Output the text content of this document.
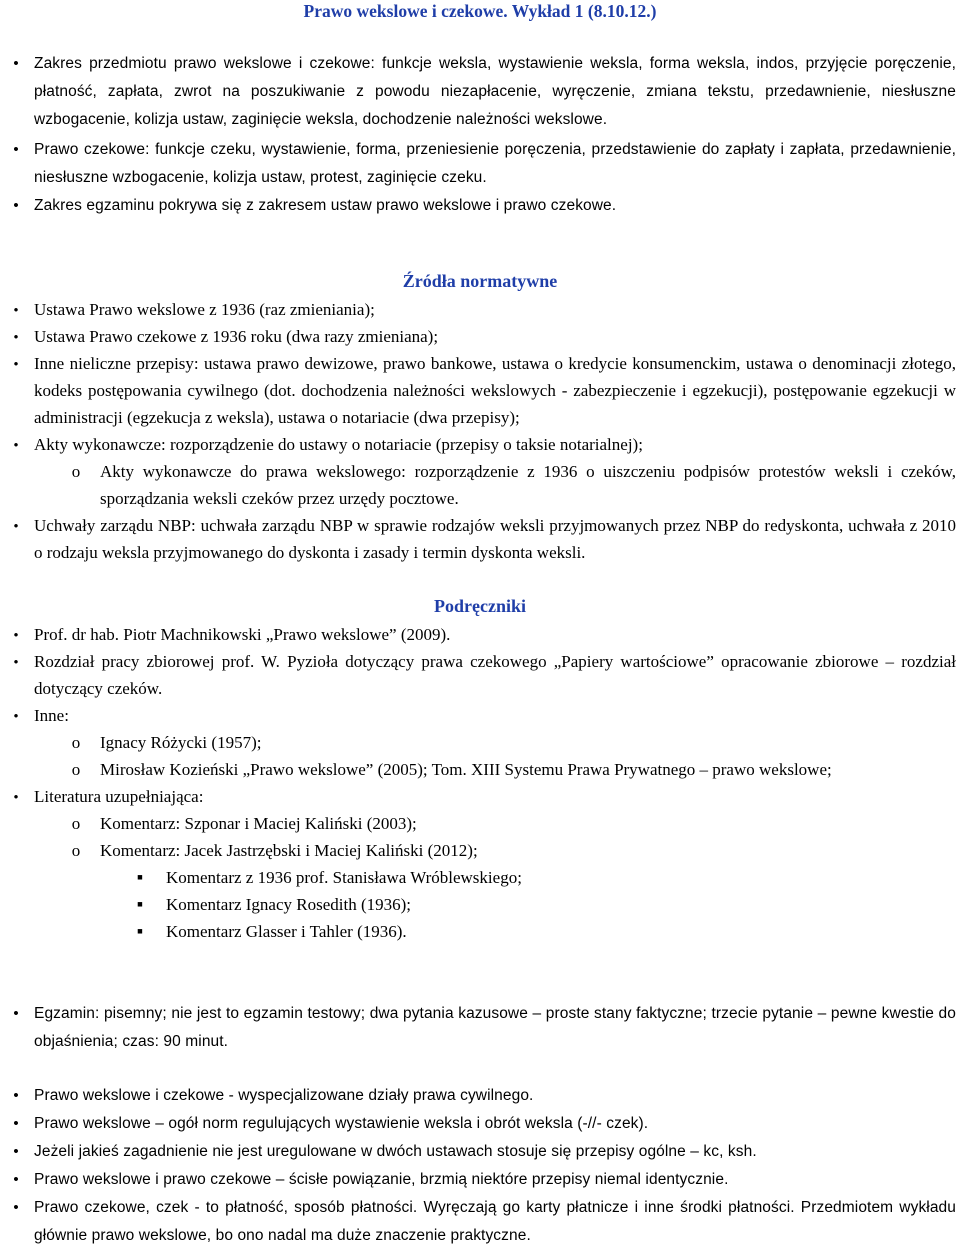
Prawo wekslowe i czekowe. Wykład 1 (8.10.12.)
•
Zakres przedmiotu prawo wekslowe i czekowe: funkcje weksla, wystawienie weksla, forma weksla, indos, przyjęcie poręczenie, płatność, zapłata, zwrot na poszukiwanie z powodu niezapłacenie, wyręczenie, zmiana tekstu, przedawnienie, niesłuszne wzbogacenie, kolizja ustaw, zaginięcie weksla, dochodzenie należności wekslowe.
•
Prawo czekowe: funkcje czeku, wystawienie, forma, przeniesienie poręczenia, przedstawienie do zapłaty i zapłata, przedawnienie, niesłuszne wzbogacenie, kolizja ustaw, protest, zaginięcie czeku.
•
Zakres egzaminu pokrywa się z zakresem ustaw prawo wekslowe i prawo czekowe.
Źródła normatywne
•
Ustawa Prawo wekslowe z 1936 (raz zmieniania);
•
Ustawa Prawo czekowe z 1936 roku (dwa razy zmieniana);
•
Inne nieliczne przepisy: ustawa prawo dewizowe, prawo bankowe, ustawa o kredycie konsumenckim, ustawa o denominacji złotego, kodeks postępowania cywilnego (dot. dochodzenia należności wekslowych - zabezpieczenie i egzekucji), postępowanie egzekucji w administracji (egzekucja z weksla), ustawa o notariacie (dwa przepisy);
•
Akty wykonawcze: rozporządzenie do ustawy o notariacie (przepisy o taksie notarialnej);
o
Akty wykonawcze do prawa wekslowego: rozporządzenie z 1936 o uiszczeniu podpisów protestów weksli i czeków, sporządzania weksli czeków przez urzędy pocztowe.
•
Uchwały zarządu NBP: uchwała zarządu NBP w sprawie rodzajów weksli przyjmowanych przez NBP do redyskonta, uchwała z 2010 o rodzaju weksla przyjmowanego do dyskonta i zasady i termin dyskonta weksli.
Podręczniki
•
Prof. dr hab. Piotr Machnikowski „Prawo wekslowe” (2009).
•
Rozdział pracy zbiorowej prof. W. Pyzioła dotyczący prawa czekowego „Papiery wartościowe” opracowanie zbiorowe – rozdział dotyczący czeków.
•
Inne:
o
Ignacy Różycki (1957);
o
Mirosław Kozieński „Prawo wekslowe” (2005); Tom. XIII Systemu Prawa Prywatnego – prawo wekslowe;
•
Literatura uzupełniająca:
o
Komentarz: Szponar i Maciej Kaliński (2003);
o
Komentarz: Jacek Jastrzębski i Maciej Kaliński (2012);
▪
Komentarz z 1936 prof. Stanisława Wróblewskiego;
▪
Komentarz Ignacy Rosedith (1936);
▪
Komentarz Glasser i Tahler (1936).
•
Egzamin: pisemny; nie jest to egzamin testowy; dwa pytania kazusowe – proste stany faktyczne; trzecie pytanie – pewne kwestie do objaśnienia; czas: 90 minut.
•
Prawo wekslowe i czekowe - wyspecjalizowane działy prawa cywilnego.
•
Prawo wekslowe – ogół norm regulujących wystawienie weksla i obrót weksla (-//- czek).
•
Jeżeli jakieś zagadnienie nie jest uregulowane w dwóch ustawach stosuje się przepisy ogólne – kc, ksh.
•
Prawo wekslowe i prawo czekowe – ścisłe powiązanie, brzmią niektóre przepisy niemal identycznie.
•
Prawo czekowe, czek - to płatność, sposób płatności. Wyręczają go karty płatnicze i inne środki płatności. Przedmiotem wykładu głównie prawo wekslowe, bo ono nadal ma duże znaczenie praktyczne.
